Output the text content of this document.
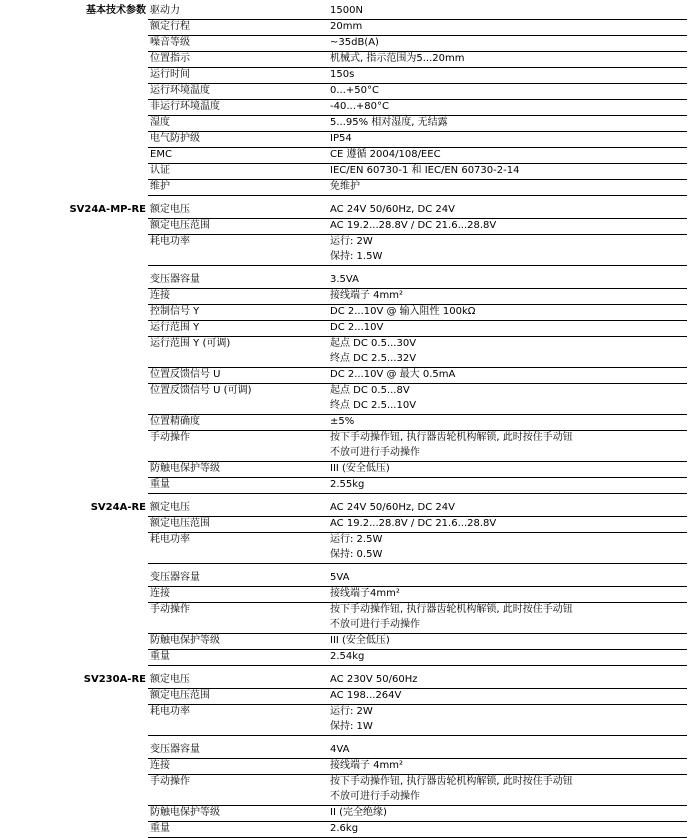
基本技术参数	驱动力	1500N
	额定行程	20mm
	噪音等级	~35dB(A)
	位置指示	机械式, 指示范围为5...20mm
	运行时间	150s
	运行环境温度	0...+50°C
	非运行环境温度	-40...+80°C
	湿度	5...95% 相对湿度, 无结露
	电气防护级	IP54
	EMC	CE 遵循 2004/108/EEC
	认证	IEC/EN 60730-1 和 IEC/EN 60730-2-14
	维护	免维护

SV24A-MP-RE	额定电压	AC 24V 50/60Hz, DC 24V
	额定电压范围	AC 19.2...28.8V / DC 21.6...28.8V
	耗电功率	运行: 2W
		保持: 1.5W

	变压器容量	3.5VA
	连接	接线端子 4mm²
	控制信号 Y	DC 2...10V @ 输入阻性 100kΩ
	运行范围 Y	DC 2...10V
	运行范围 Y (可调)	起点 DC 0.5...30V
		终点 DC 2.5...32V
	位置反馈信号 U	DC 2...10V @ 最大 0.5mA
	位置反馈信号 U (可调)	起点 DC 0.5...8V
		终点 DC 2.5...10V
	位置精确度	±5%
	手动操作	按下手动操作钮, 执行器齿轮机构解锁, 此时按住手动钮
		不放可进行手动操作
	防触电保护等级	III (安全低压)
	重量	2.55kg

SV24A-RE	额定电压	AC 24V 50/60Hz, DC 24V
	额定电压范围	AC 19.2...28.8V / DC 21.6...28.8V
	耗电功率	运行: 2.5W
		保持: 0.5W

	变压器容量	5VA
	连接	接线端子4mm²
	手动操作	按下手动操作钮, 执行器齿轮机构解锁, 此时按住手动钮
		不放可进行手动操作
	防触电保护等级	III (安全低压)
	重量	2.54kg

SV230A-RE	额定电压	AC 230V 50/60Hz
	额定电压范围	AC 198...264V
	耗电功率	运行: 2W
		保持: 1W

	变压器容量	4VA
	连接	接线端子 4mm²
	手动操作	按下手动操作钮, 执行器齿轮机构解锁, 此时按住手动钮
		不放可进行手动操作
	防触电保护等级	II (完全绝缘)
	重量	2.6kg
